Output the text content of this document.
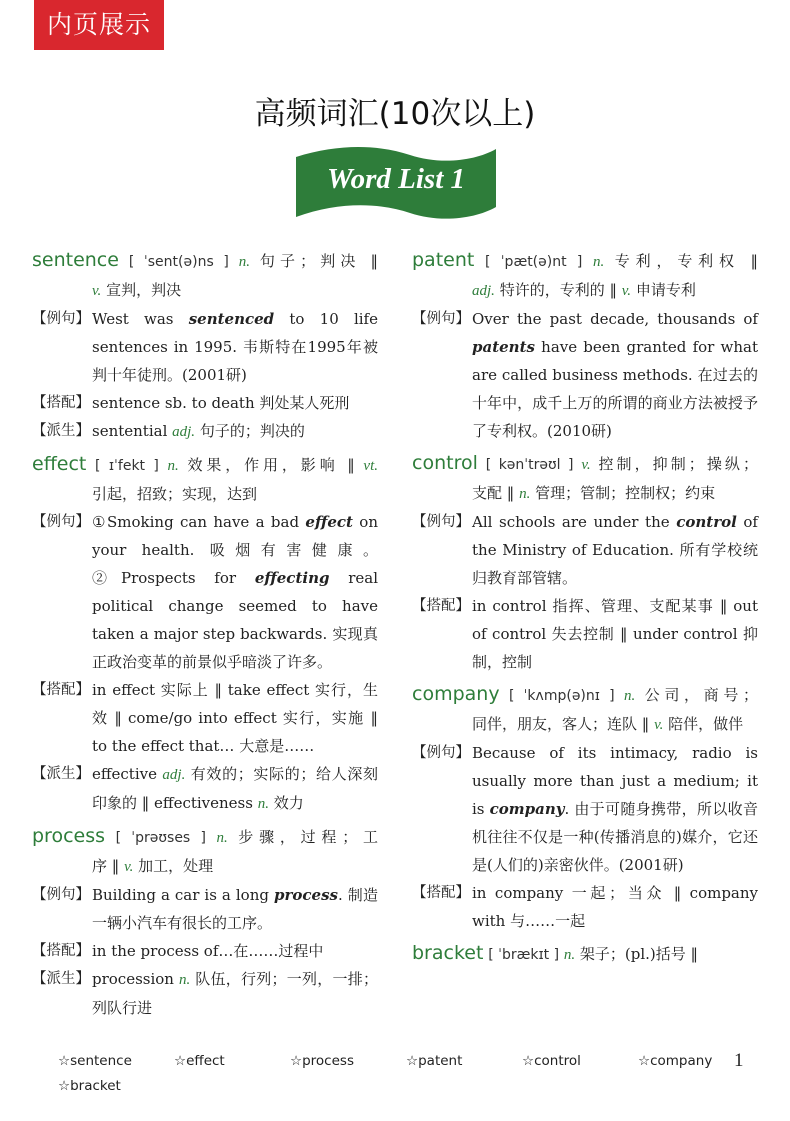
内页展示
高频词汇(10次以上)
Word List 1
sentence [ ˈsent(ə)ns ] n. 句子；判决 ‖
v. 宣判，判决
【例句】 West was sentenced to 10 life sentences in 1995. 韦斯特在1995年被判十年徒刑。(2001研)
【搭配】 sentence sb. to death 判处某人死刑
【派生】 sentential adj. 句子的；判决的
effect [ ɪˈfekt ] n. 效果，作用，影响 ‖ vt.
引起，招致；实现，达到
【例句】 ①Smoking can have a bad effect on your health. 吸烟有害健康。②Prospects for effecting real political change seemed to have taken a major step backwards. 实现真正政治变革的前景似乎暗淡了许多。
【搭配】 in effect 实际上 ‖ take effect 实行，生效 ‖ come/go into effect 实行，实施 ‖ to the effect that… 大意是……
【派生】 effective adj. 有效的；实际的；给人深刻印象的 ‖ effectiveness n. 效力
process [ ˈprəʊses ] n. 步骤，过程；工
序 ‖ v. 加工，处理
【例句】 Building a car is a long process. 制造一辆小汽车有很长的工序。
【搭配】 in the process of…在……过程中
【派生】 procession n. 队伍，行列；一列，一排；列队行进
patent [ ˈpæt(ə)nt ] n. 专利，专利权 ‖
adj. 特许的，专利的 ‖ v. 申请专利
【例句】 Over the past decade, thousands of patents have been granted for what are called business methods. 在过去的十年中，成千上万的所谓的商业方法被授予了专利权。(2010研)
control [ kənˈtrəʊl ] v. 控制，抑制；操纵；
支配 ‖ n. 管理；管制；控制权；约束
【例句】 All schools are under the control of the Ministry of Education. 所有学校统归教育部管辖。
【搭配】 in control 指挥、管理、支配某事 ‖ out of control 失去控制 ‖ under control 抑制，控制
company [ ˈkʌmp(ə)nɪ ] n. 公司，商号；
同伴，朋友，客人；连队 ‖ v. 陪伴，做伴
【例句】 Because of its intimacy, radio is usually more than just a medium; it is company. 由于可随身携带，所以收音机往往不仅是一种(传播消息的)媒介，它还是(人们的)亲密伙伴。(2001研)
【搭配】 in company 一起；当众 ‖ company with 与……一起
bracket [ ˈbrækɪt ] n. 架子；(pl.)括号 ‖
☆sentence	☆effect	☆process	☆patent	☆control	☆company
☆bracket
1
